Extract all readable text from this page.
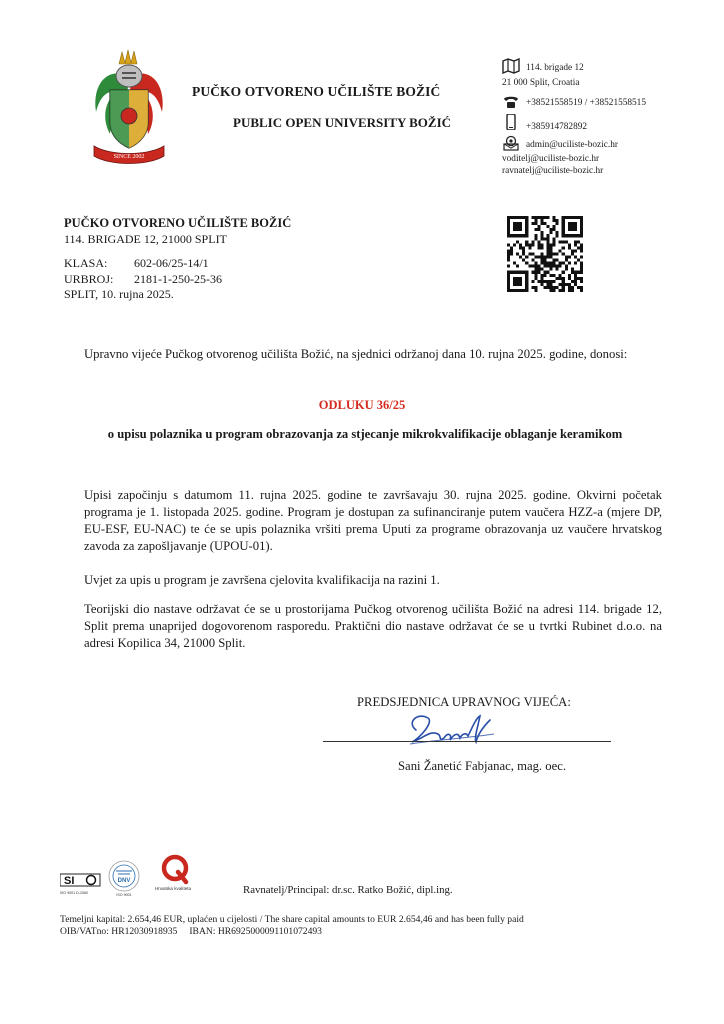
SINCE 2002
PUČKO OTVORENO UČILIŠTE BOŽIĆ
PUBLIC OPEN UNIVERSITY BOŽIĆ
114. brigade 12
21 000 Split, Croatia
+38521558519 / +38521558515
+385914782892
admin@uciliste-bozic.hr
voditelj@uciliste-bozic.hr
ravnatelj@uciliste-bozic.hr
PUČKO OTVORENO UČILIŠTE BOŽIĆ
114. BRIGADE 12, 21000 SPLIT
KLASA:	602-06/25-14/1
URBROJ:	2181-1-250-25-36
SPLIT, 10. rujna 2025.
Upravno vijeće Pučkog otvorenog učilišta Božić, na sjednici održanoj dana 10. rujna 2025. godine, donosi:
ODLUKU 36/25
o upisu polaznika u program obrazovanja za stjecanje mikrokvalifikacije oblaganje keramikom
Upisi započinju s datumom 11. rujna 2025. godine te završavaju 30. rujna 2025. godine. Okvirni početak programa je 1. listopada 2025. godine. Program je dostupan za sufinanciranje putem vaučera HZZ-a (mjere DP, EU-ESF, EU-NAC) te će se upis polaznika vršiti prema Uputi za programe obrazovanja uz vaučere hrvatskog zavoda za zapošljavanje (UPOU-01).
Uvjet za upis u program je završena cjelovita kvalifikacija na razini 1.
Teorijski dio nastave održavat će se u prostorijama Pučkog otvorenog učilišta Božić na adresi 114. brigade 12, Split prema unaprijed dogovorenom rasporedu. Praktični dio nastave održavat će se u tvrtki Rubinet d.o.o. na adresi Kopilica 34, 21000 Split.
PREDSJEDNICA UPRAVNOG VIJEĆA:
Sani Žanetić Fabjanac, mag. oec.
SI
ISO 9001 D-2060
DNV
ISO 9001
Hrvatska kvaliteta	Ravnatelj/Principal: dr.sc. Ratko Božić, dipl.ing.
Temeljni kapital: 2.654,46 EUR, uplaćen u cijelosti / The share capital amounts to EUR 2.654,46 and has been fully paid
OIB/VATno: HR12030918935     IBAN: HR6925000091101072493
